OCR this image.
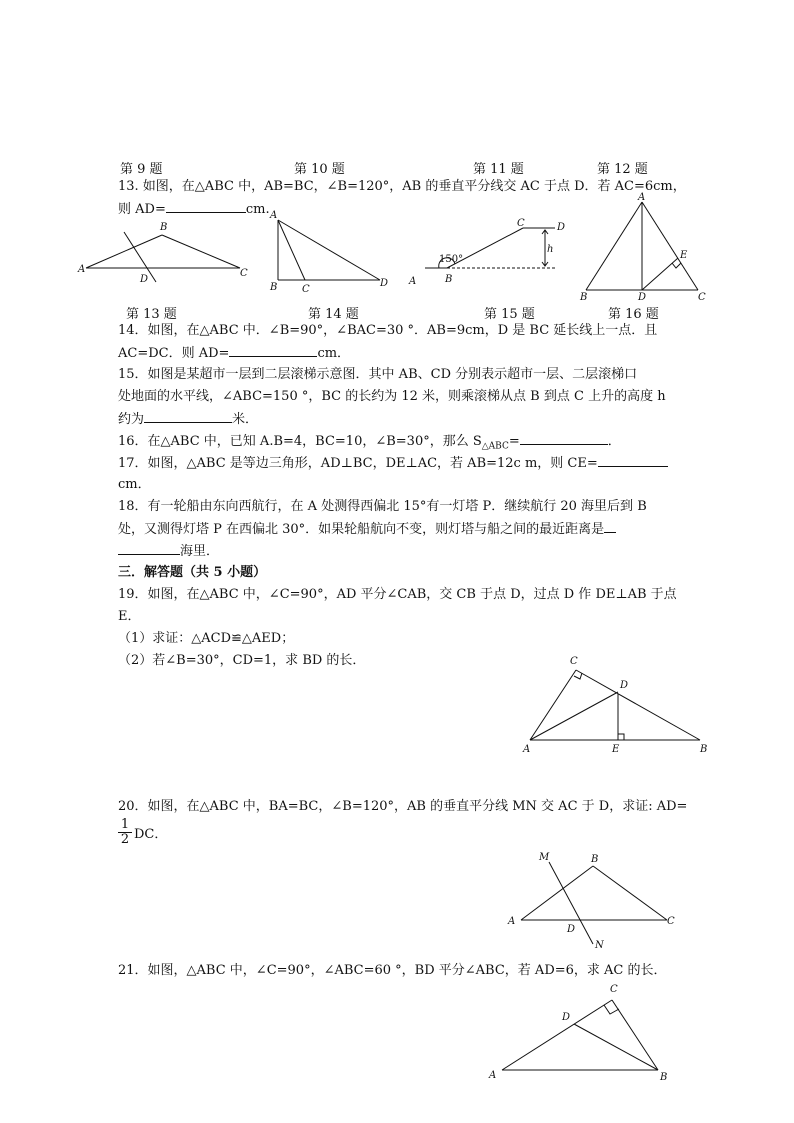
第 9 题	第 10 题	第 11 题	第 12 题
13. 如图，在△ABC 中，AB=BC，∠B=120°，AB 的垂直平分线交 AC 于点 D．若 AC=6cm，
则 AD=	cm.
A
B
C
D
A
B C
D A	B
C	D
h
150°
A
B	C
D
E
第 13 题	第 14 题	第 15 题	第 16 题
14．如图，在△ABC 中．∠B=90°，∠BAC=30 °．AB=9cm，D 是 BC 延长线上一点．且
AC=DC．则 AD=	cm．
15．如图是某超市一层到二层滚梯示意图．其中 AB、CD 分别表示超市一层、二层滚梯口
处地面的水平线，∠ABC=150 °，BC 的长约为 12 米，则乘滚梯从点 B 到点 C 上升的高度 h
约为	米．
16．在△ABC 中，已知 A.B=4，BC=10，∠B=30°，那么 $S_{\triangle ABC}=$	．
17．如图，△ABC 是等边三角形，AD⊥BC，DE⊥AC，若 AB=12c m，则 CE=
cm．
18．有一轮船由东向西航行，在 A 处测得西偏北 15°有一灯塔 P．继续航行 20 海里后到 B
处，又测得灯塔 P 在西偏北 30°．如果轮船航向不变，则灯塔与船之间的最近距离是
海里．
三．解答题（共 5 小题）
19．如图，在△ABC 中，∠C=90°，AD 平分∠CAB，交 CB 于点 D，过点 D 作 DE⊥AB 于点
E．
（1）求证：△ACD≌△AED；
（2）若∠B=30°，CD=1，求 BD 的长．
A	B
C
D
E
20．如图，在△ABC 中，BA=BC，∠B=120°，AB 的垂直平分线 MN 交 AC 于 D，求证: AD=
$\frac{1}{2}$ DC．
M	B
A	C
D
N
21．如图，△ABC 中，∠C=90°，∠ABC=60 °，BD 平分∠ABC，若 AD=6，求 AC 的长．
A	B
C
D
